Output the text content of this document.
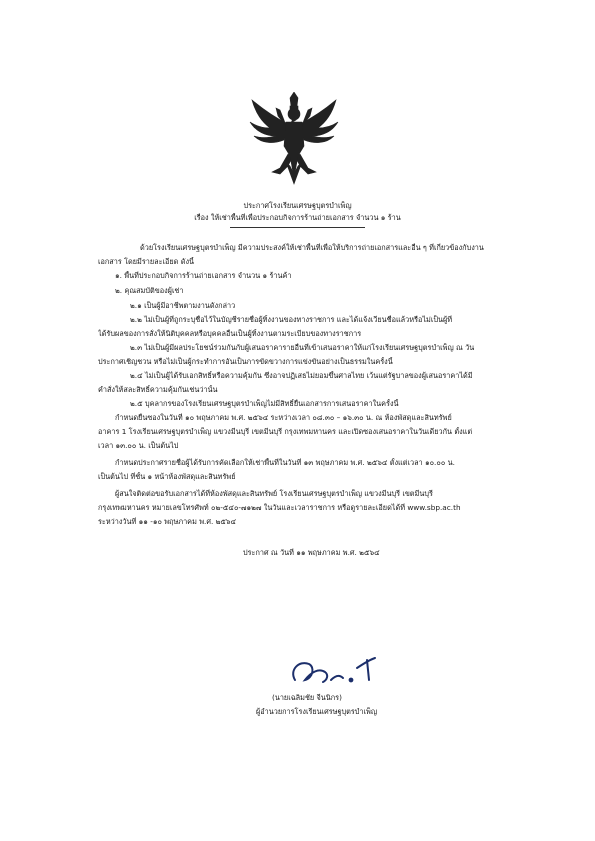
ประกาศโรงเรียนเศรษฐบุตรบำเพ็ญ
เรื่อง ให้เช่าพื้นที่เพื่อประกอบกิจการร้านถ่ายเอกสาร จำนวน ๑ ร้าน
ด้วยโรงเรียนเศรษฐบุตรบำเพ็ญ มีความประสงค์ให้เช่าพื้นที่เพื่อให้บริการถ่ายเอกสารและอื่น ๆ ที่เกี่ยวข้องกับงาน
เอกสาร โดยมีรายละเอียด ดังนี้
๑. พื้นที่ประกอบกิจการร้านถ่ายเอกสาร จำนวน ๑ ร้านค้า
๒. คุณสมบัติของผู้เช่า
๒.๑ เป็นผู้มีอาชีพตามงานดังกล่าว
๒.๒ ไม่เป็นผู้ที่ถูกระบุชื่อไว้ในบัญชีรายชื่อผู้ทิ้งงานของทางราชการ และได้แจ้งเวียนชื่อแล้วหรือไม่เป็นผู้ที่
ได้รับผลของการสั่งให้นิติบุคคลหรือบุคคลอื่นเป็นผู้ทิ้งงานตามระเบียบของทางราชการ
๒.๓ ไม่เป็นผู้มีผลประโยชน์ร่วมกันกับผู้เสนอราคารายอื่นที่เข้าเสนอราคาให้แก่โรงเรียนเศรษฐบุตรบำเพ็ญ ณ วัน
ประกาศเชิญชวน หรือไม่เป็นผู้กระทำการอันเป็นการขัดขวางการแข่งขันอย่างเป็นธรรมในครั้งนี้
๒.๔ ไม่เป็นผู้ได้รับเอกสิทธิ์หรือความคุ้มกัน ซึ่งอาจปฏิเสธไม่ยอมขึ้นศาลไทย เว้นแต่รัฐบาลของผู้เสนอราคาได้มี
คำสั่งให้สละสิทธิ์ความคุ้มกันเช่นว่านั้น
๒.๕ บุคลากรของโรงเรียนเศรษฐบุตรบำเพ็ญไม่มีสิทธิ์ยื่นเอกสารการเสนอราคาในครั้งนี้
กำหนดยื่นซองในวันที่ ๑๐ พฤษภาคม พ.ศ. ๒๕๖๔ ระหว่างเวลา ๐๘.๓๐ – ๑๖.๓๐ น. ณ ห้องพัสดุและสินทรัพย์
อาคาร 1 โรงเรียนเศรษฐบุตรบำเพ็ญ แขวงมีนบุรี เขตมีนบุรี กรุงเทพมหานคร และเปิดซองเสนอราคาในวันเดียวกัน ตั้งแต่
เวลา ๑๓.๐๐ น. เป็นต้นไป
กำหนดประกาศรายชื่อผู้ได้รับการคัดเลือกให้เช่าพื้นที่ในวันที่ ๑๓ พฤษภาคม พ.ศ. ๒๕๖๔ ตั้งแต่เวลา ๑๐.๐๐ น.
เป็นต้นไป ที่ชั้น ๑ หน้าห้องพัสดุและสินทรัพย์
ผู้สนใจติดต่อขอรับเอกสารได้ที่ห้องพัสดุและสินทรัพย์ โรงเรียนเศรษฐบุตรบำเพ็ญ แขวงมีนบุรี เขตมีนบุรี
กรุงเทพมหานคร หมายเลขโทรศัพท์ ๐๒-๕๔๐-๗๑๒๗ ในวันและเวลาราชการ หรือดูรายละเอียดได้ที่ www.sbp.ac.th
ระหว่างวันที่ ๑๑ -๑๐ พฤษภาคม พ.ศ. ๒๕๖๔
ประกาศ ณ วันที่ ๑๑ พฤษภาคม พ.ศ. ๒๕๖๔
(นายเฉลิมชัย จีนนิกร)
ผู้อำนวยการโรงเรียนเศรษฐบุตรบำเพ็ญ
